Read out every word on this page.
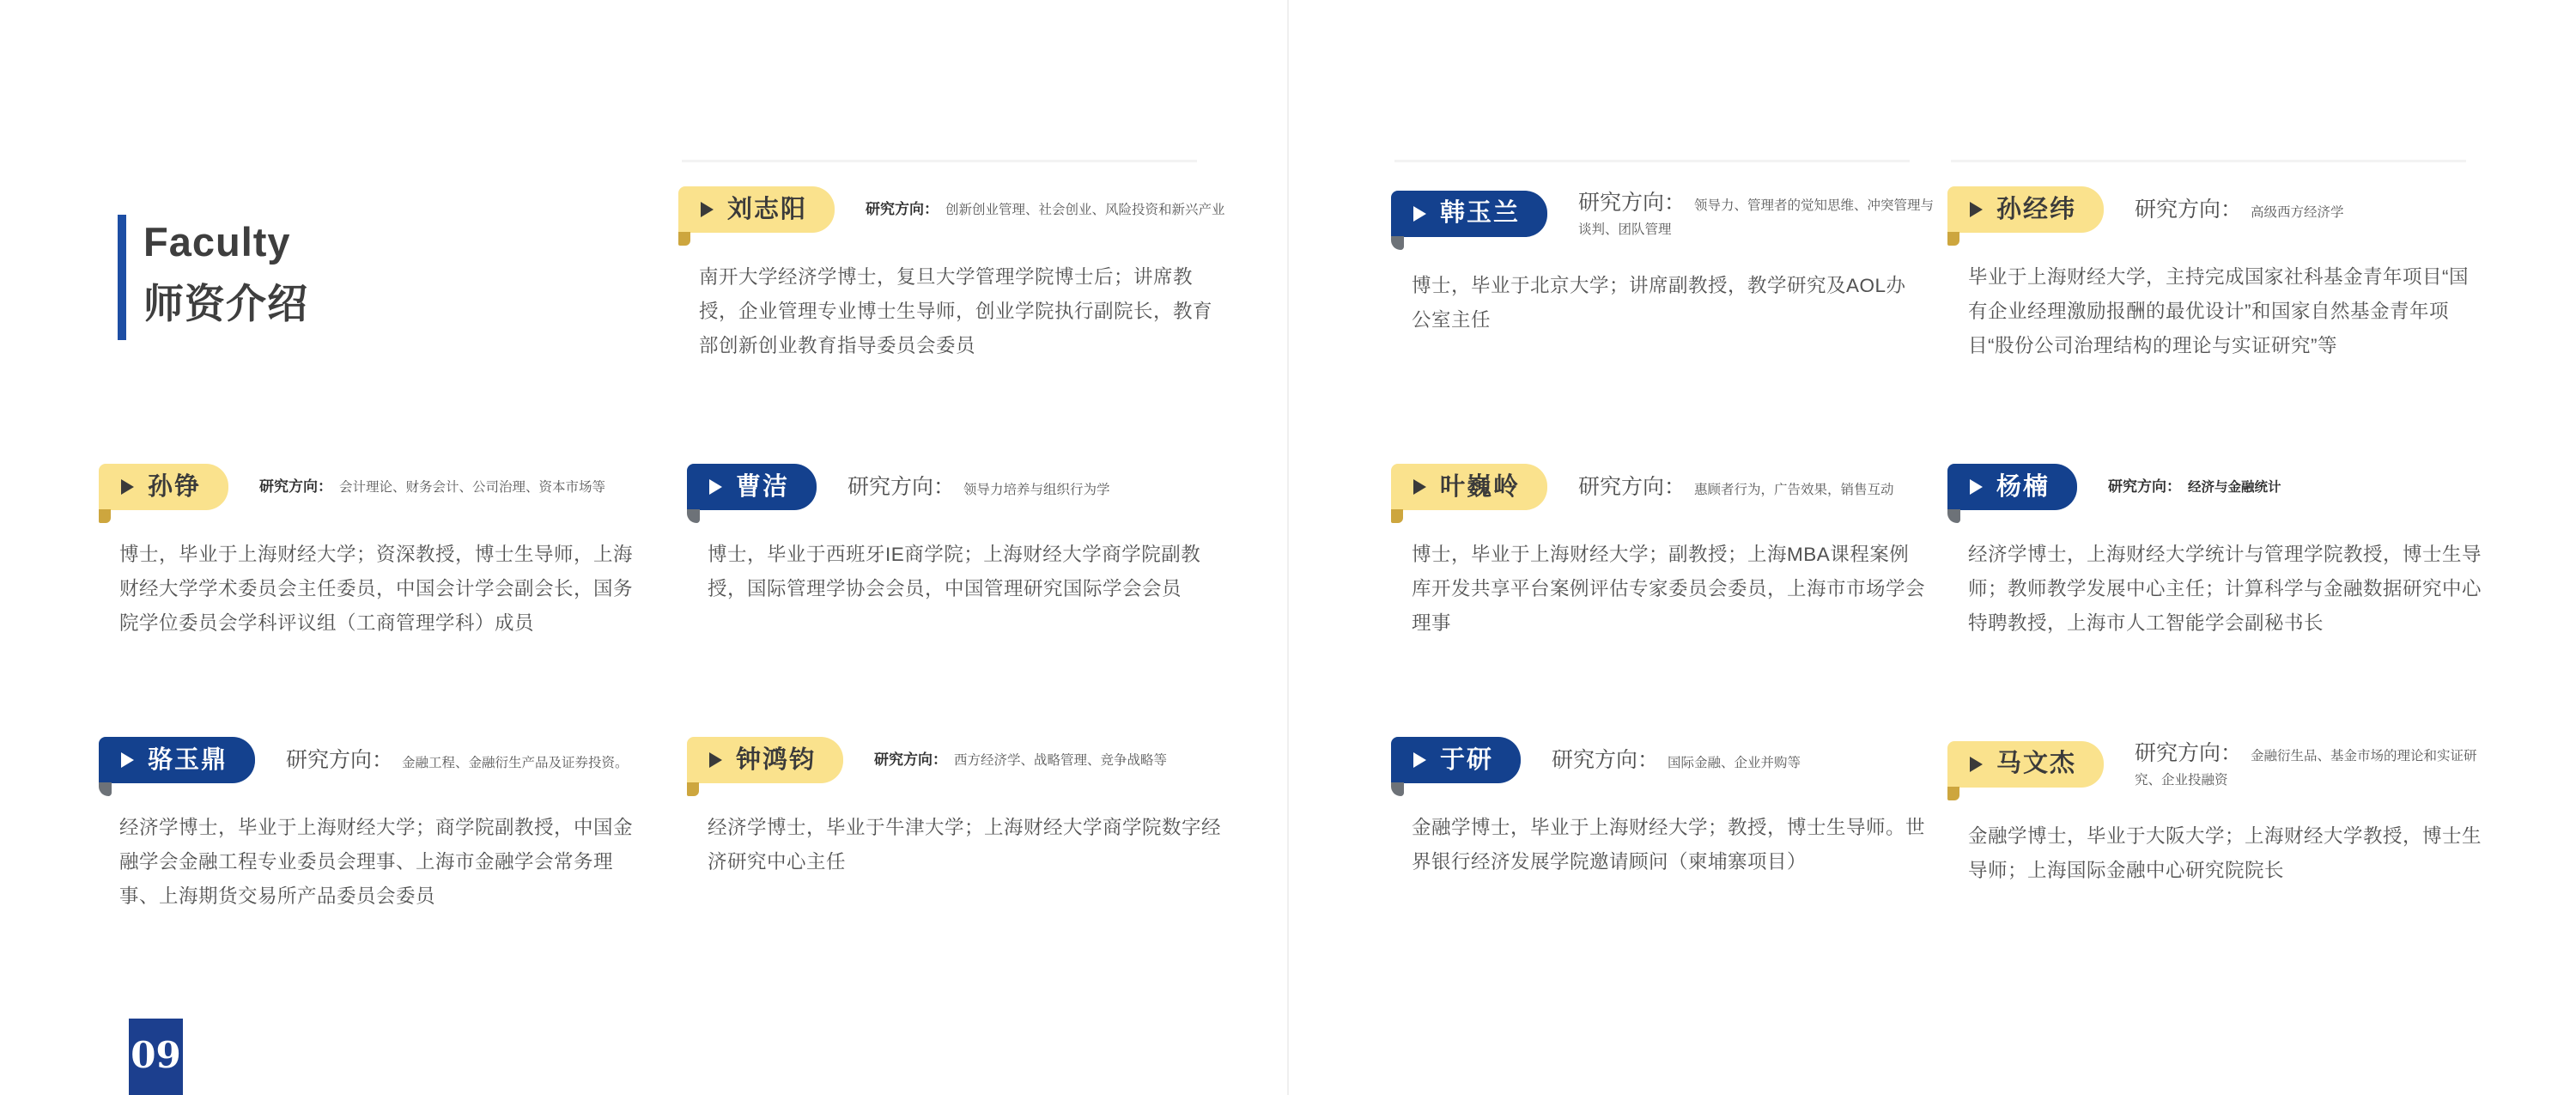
Faculty
师资介绍
刘志阳	研究方向： 创新创业管理、社会创业、风险投资和新兴产业

南开大学经济学博士，复旦大学管理学院博士后；讲席教授，企业管理专业博士生导师，创业学院执行副院长，教育部创新创业教育指导委员会委员

韩玉兰	研究方向： 领导力、管理者的觉知思维、冲突管理与谈判、团队管理

博士，毕业于北京大学；讲席副教授，教学研究及AOL办公室主任

孙经纬	研究方向： 高级西方经济学

毕业于上海财经大学，主持完成国家社科基金青年项目“国有企业经理激励报酬的最优设计”和国家自然基金青年项目“股份公司治理结构的理论与实证研究”等

孙铮	研究方向： 会计理论、财务会计、公司治理、资本市场等

博士，毕业于上海财经大学；资深教授，博士生导师，上海财经大学学术委员会主任委员，中国会计学会副会长，国务院学位委员会学科评议组（工商管理学科）成员

曹洁	研究方向： 领导力培养与组织行为学

博士，毕业于西班牙IE商学院；上海财经大学商学院副教授，国际管理学协会会员，中国管理研究国际学会会员

叶巍岭	研究方向： 惠顾者行为，广告效果，销售互动

博士，毕业于上海财经大学；副教授；上海MBA课程案例库开发共享平台案例评估专家委员会委员，上海市市场学会理事

杨楠	研究方向： 经济与金融统计

经济学博士，上海财经大学统计与管理学院教授，博士生导师；教师教学发展中心主任；计算科学与金融数据研究中心特聘教授，上海市人工智能学会副秘书长

骆玉鼎	研究方向： 金融工程、金融衍生产品及证券投资。

经济学博士，毕业于上海财经大学；商学院副教授，中国金融学会金融工程专业委员会理事、上海市金融学会常务理事、上海期货交易所产品委员会委员

钟鸿钧	研究方向： 西方经济学、战略管理、竞争战略等

经济学博士，毕业于牛津大学；上海财经大学商学院数字经济研究中心主任

于研	研究方向： 国际金融、企业并购等

金融学博士，毕业于上海财经大学；教授，博士生导师。世界银行经济发展学院邀请顾问（柬埔寨项目）

马文杰	研究方向： 金融衍生品、基金市场的理论和实证研究、企业投融资

金融学博士，毕业于大阪大学；上海财经大学教授，博士生导师；上海国际金融中心研究院院长

09
